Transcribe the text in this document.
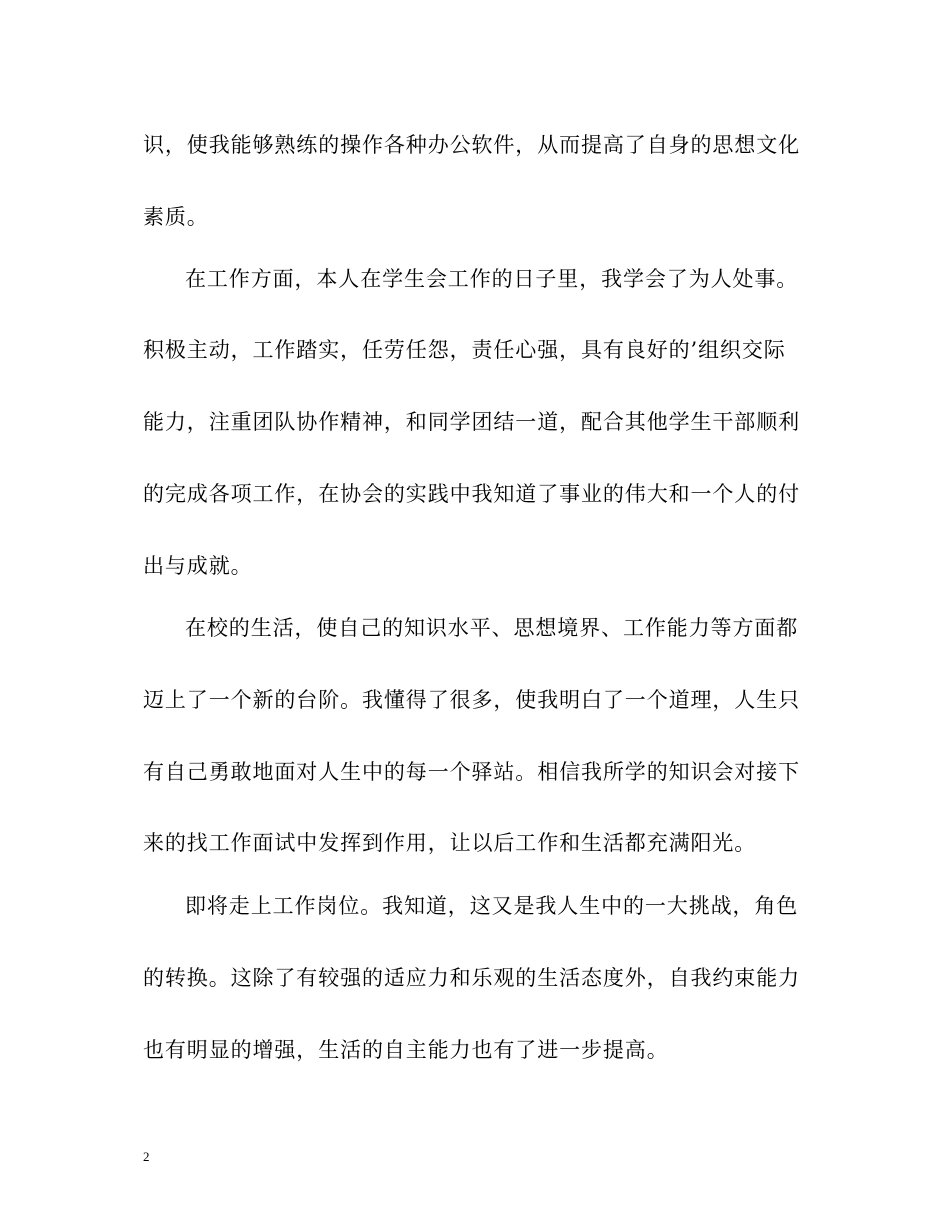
识，使我能够熟练的操作各种办公软件，从而提高了自身的思想文化
素质。
在工作方面，本人在学生会工作的日子里，我学会了为人处事。
积极主动，工作踏实，任劳任怨，责任心强，具有良好的’组织交际
能力，注重团队协作精神，和同学团结一道，配合其他学生干部顺利
的完成各项工作，在协会的实践中我知道了事业的伟大和一个人的付
出与成就。
在校的生活，使自己的知识水平、思想境界、工作能力等方面都
迈上了一个新的台阶。我懂得了很多，使我明白了一个道理，人生只
有自己勇敢地面对人生中的每一个驿站。相信我所学的知识会对接下
来的找工作面试中发挥到作用，让以后工作和生活都充满阳光。
即将走上工作岗位。我知道，这又是我人生中的一大挑战，角色
的转换。这除了有较强的适应力和乐观的生活态度外，自我约束能力
也有明显的增强，生活的自主能力也有了进一步提高。
2
